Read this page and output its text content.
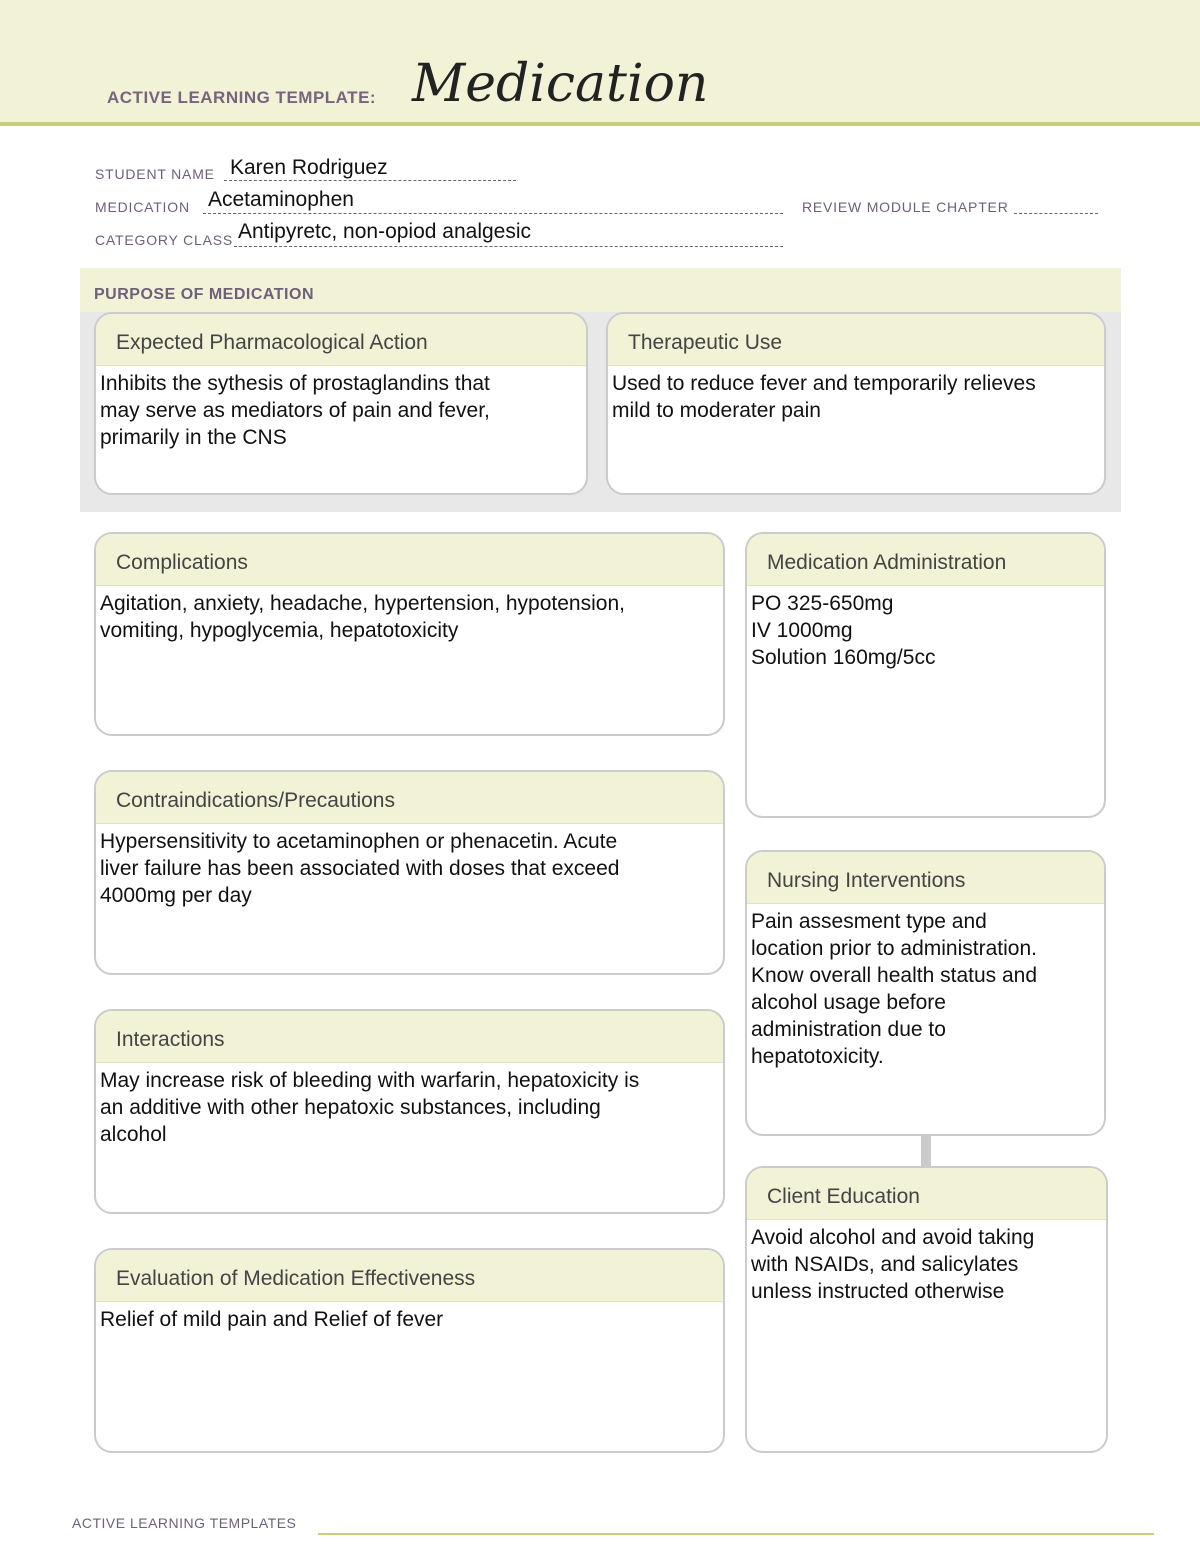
ACTIVE LEARNING TEMPLATE: Medication
STUDENT NAME Karen Rodriguez
MEDICATION Acetaminophen	REVIEW MODULE CHAPTER
CATEGORY CLASS Antipyretc, non-opiod analgesic
PURPOSE OF MEDICATION
Expected Pharmacological Action
Inhibits the sythesis of prostaglandins that
may serve as mediators of pain and fever,
primarily in the CNS
Therapeutic Use
Used to reduce fever and temporarily relieves
mild to moderater pain
Complications
Agitation, anxiety, headache, hypertension, hypotension,
vomiting, hypoglycemia, hepatotoxicity
Contraindications/Precautions
Hypersensitivity to acetaminophen or phenacetin. Acute
liver failure has been associated with doses that exceed
4000mg per day
Interactions
May increase risk of bleeding with warfarin, hepatoxicity is
an additive with other hepatoxic substances, including
alcohol
Evaluation of Medication Effectiveness
Relief of mild pain and Relief of fever
Medication Administration
PO 325-650mg
IV 1000mg
Solution 160mg/5cc
Nursing Interventions
Pain assesment type and
location prior to administration.
Know overall health status and
alcohol usage before
administration due to
hepatotoxicity.
Client Education
Avoid alcohol and avoid taking
with NSAIDs, and salicylates
unless instructed otherwise
ACTIVE LEARNING TEMPLATES
